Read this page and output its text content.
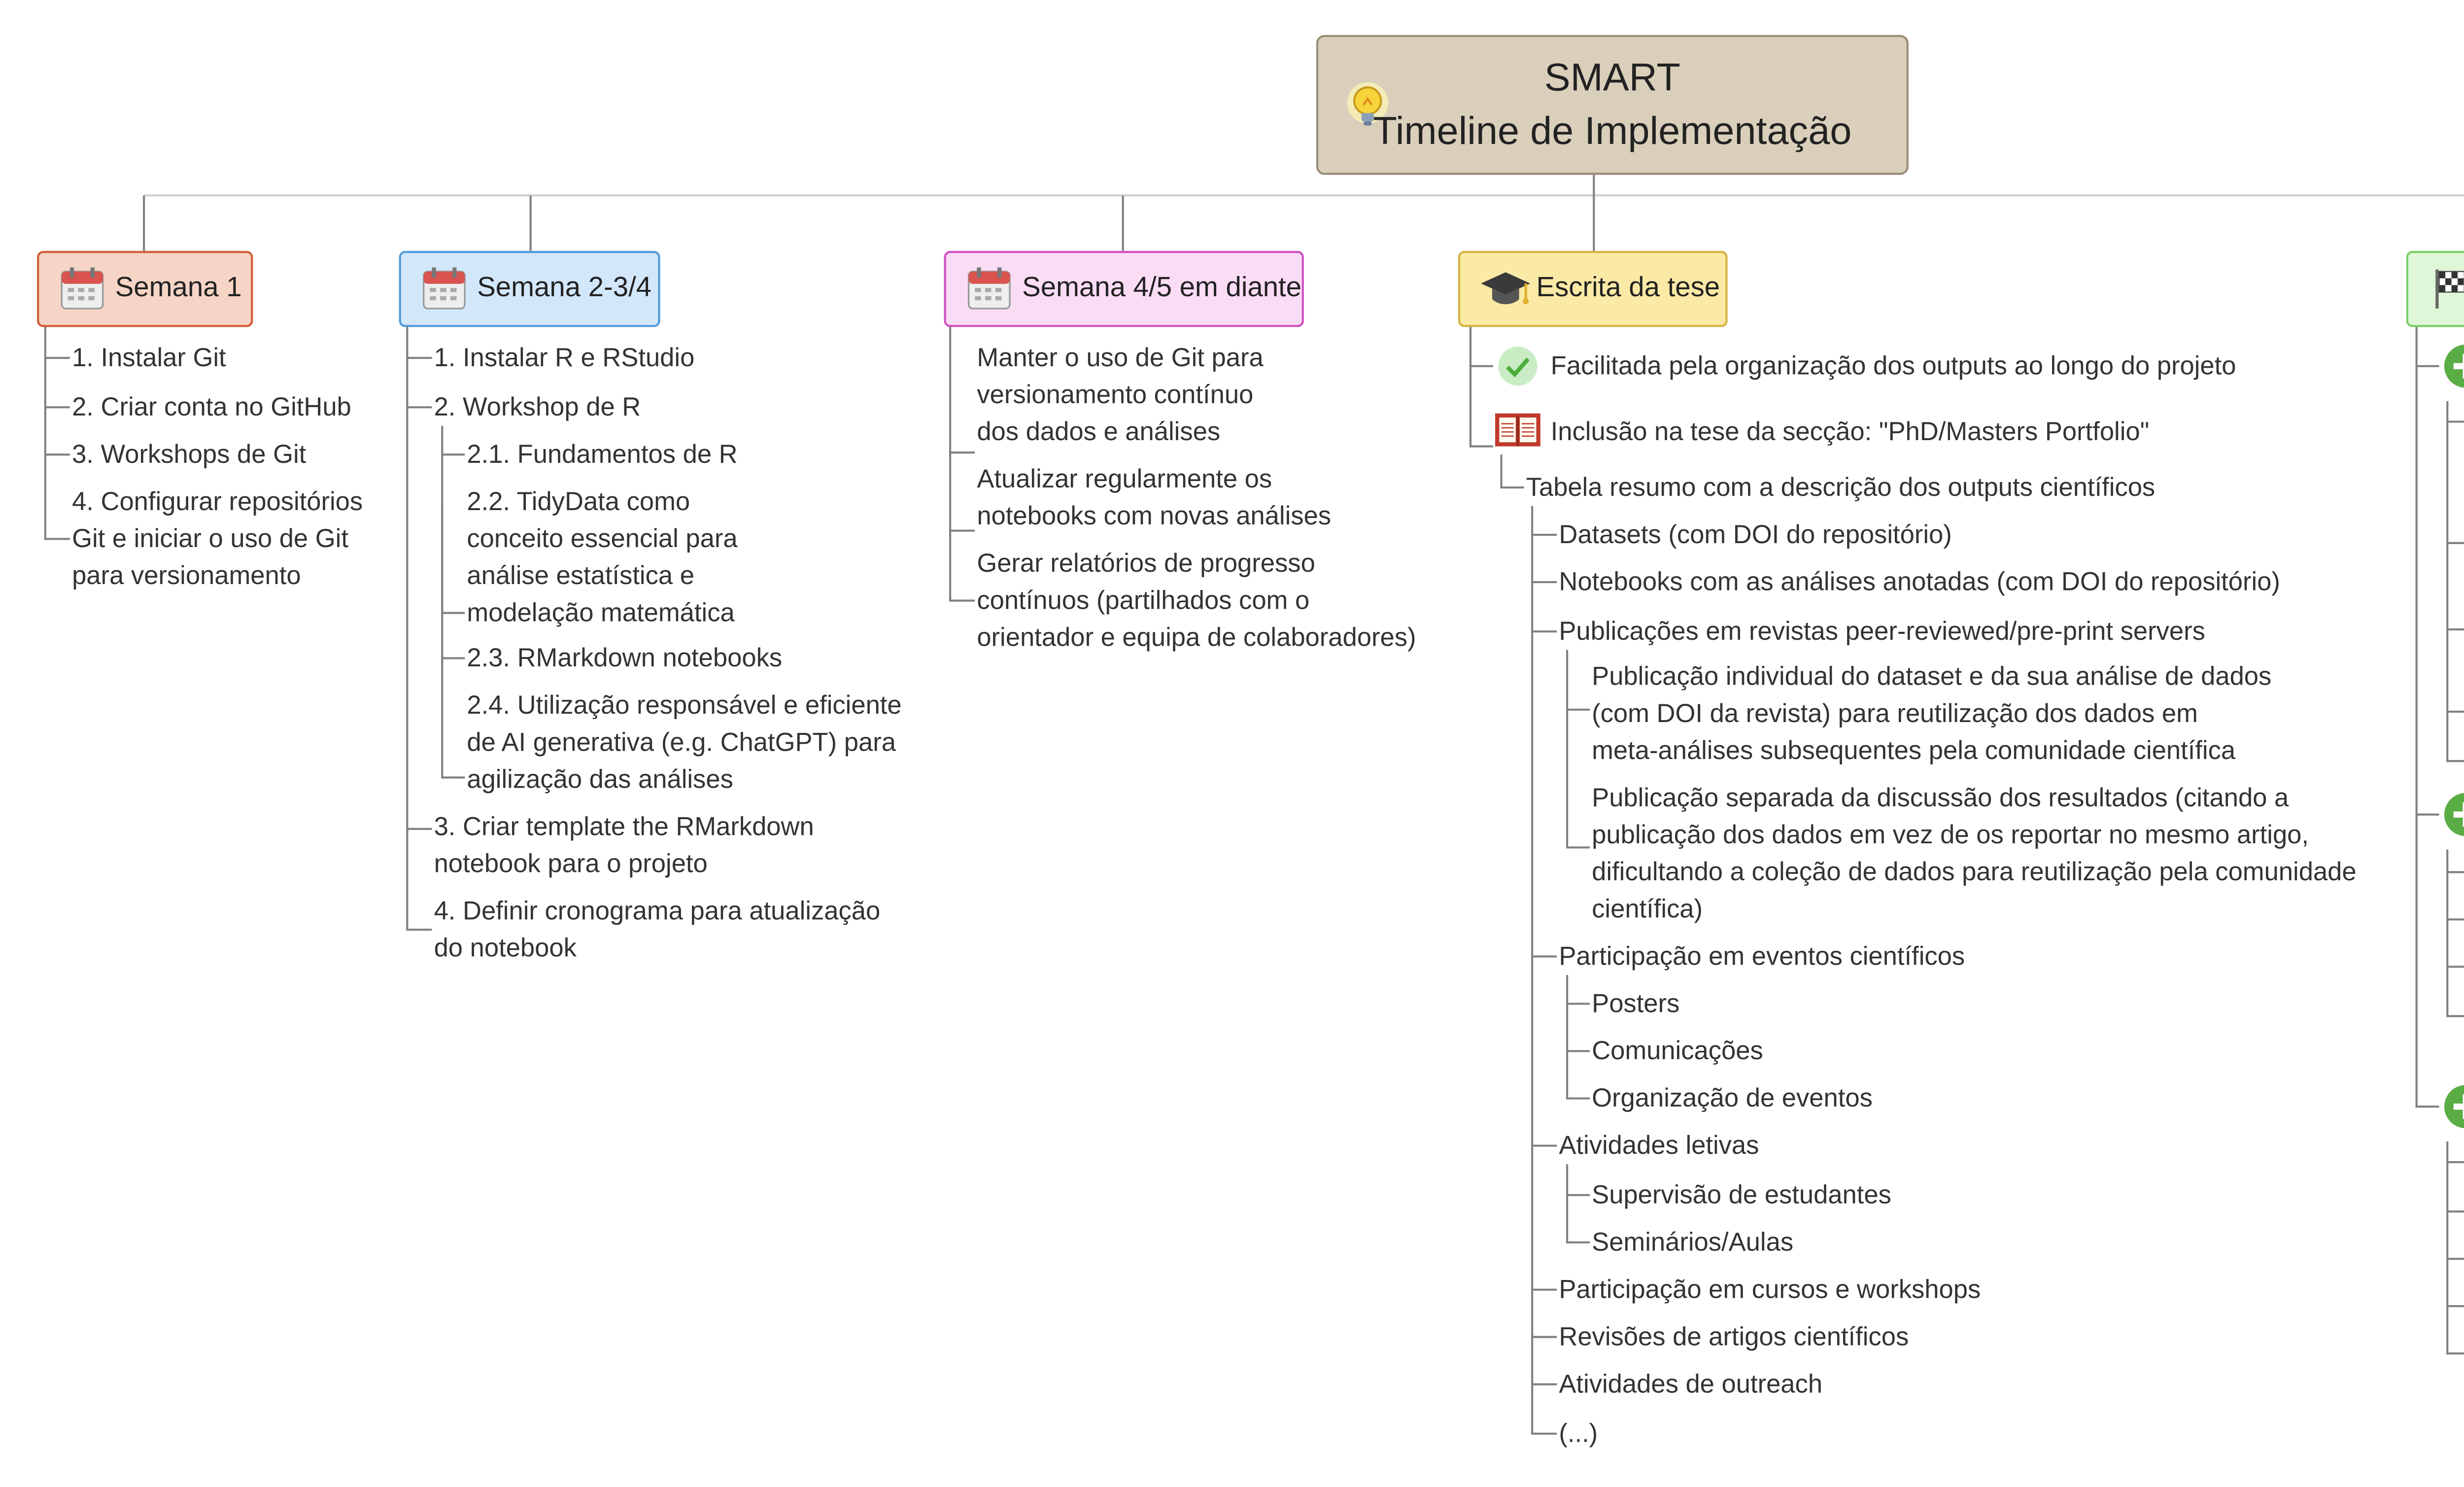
SMART
Timeline de Implementação
Semana 1	Semana 2-3/4	Semana 4/5 em diante	Escrita da tese
1. Instalar Git
2. Criar conta no GitHub
3. Workshops de Git
4. Configurar repositórios
Git e iniciar o uso de Git
para versionamento
1. Instalar R e RStudio
2. Workshop de R
2.1. Fundamentos de R
2.2. TidyData como
conceito essencial para
análise estatística e
modelação matemática
2.3. RMarkdown notebooks
2.4. Utilização responsável e eficiente
de AI generativa (e.g. ChatGPT) para
agilização das análises
3. Criar template the RMarkdown
notebook para o projeto
4. Definir cronograma para atualização
do notebook
Manter o uso de Git para
versionamento contínuo
dos dados e análises
Atualizar regularmente os
notebooks com novas análises
Gerar relatórios de progresso
contínuos (partilhados com o
orientador e equipa de colaboradores)
Facilitada pela organização dos outputs ao longo do projeto
Inclusão na tese da secção: "PhD/Masters Portfolio"
Tabela resumo com a descrição dos outputs científicos
Datasets (com DOI do repositório)
Notebooks com as análises anotadas (com DOI do repositório)
Publicações em revistas peer-reviewed/pre-print servers
Publicação individual do dataset e da sua análise de dados
(com DOI da revista) para reutilização dos dados em
meta-análises subsequentes pela comunidade científica
Publicação separada da discussão dos resultados (citando a
publicação dos dados em vez de os reportar no mesmo artigo,
dificultando a coleção de dados para reutilização pela comunidade
científica)
Participação em eventos científicos
Posters
Comunicações
Organização de eventos
Atividades letivas
Supervisão de estudantes
Seminários/Aulas
Participação em cursos e workshops
Revisões de artigos científicos
Atividades de outreach
(...)
